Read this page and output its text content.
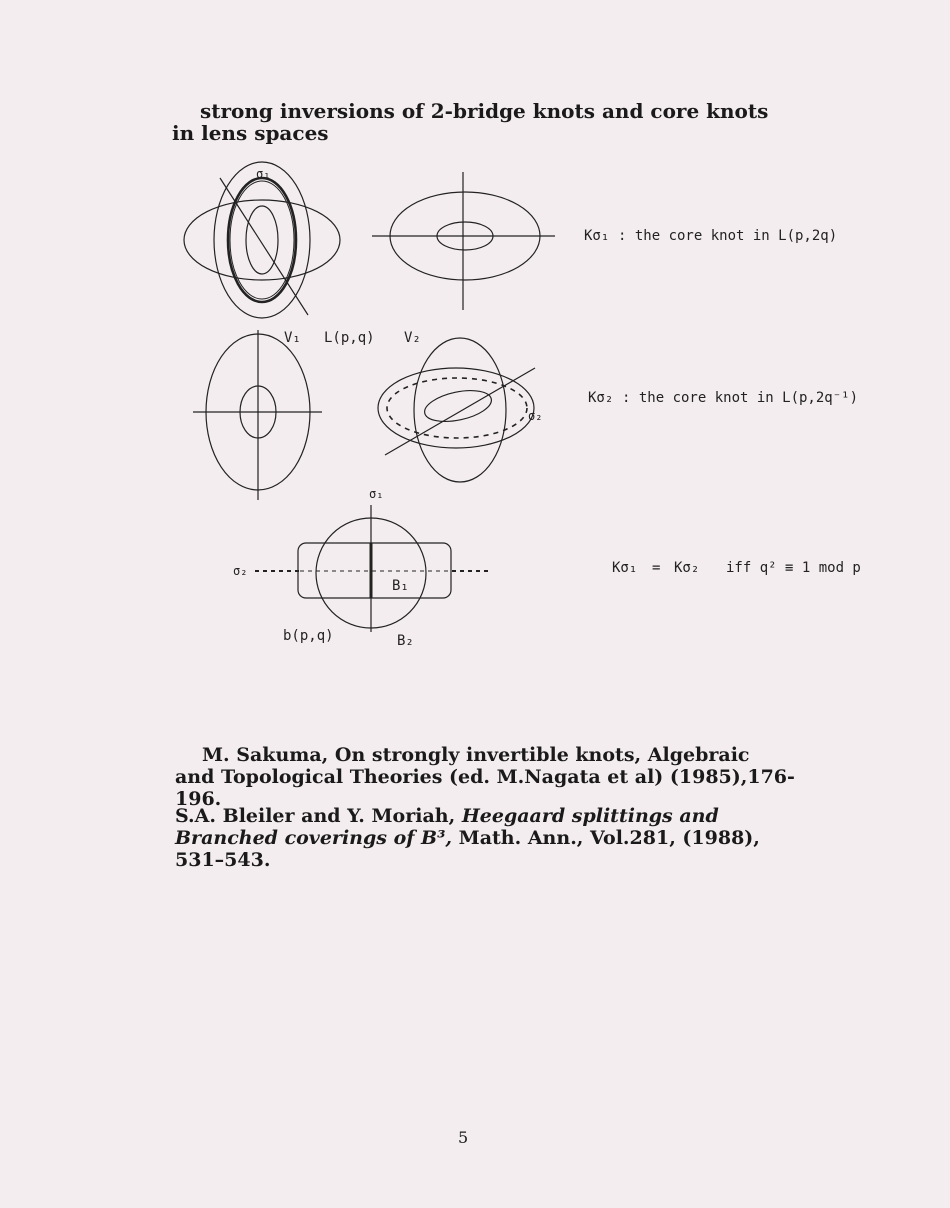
strong inversions of 2-bridge knots and core knots in lens spaces
σ₁
V₁ L(p,q) V₂
σ₂
σ₁
σ₂
B₁
B₂
b(p,q)
Kσ₁ : the core knot in L(p,2q)
Kσ₂ : the core knot in L(p,2q⁻¹)
Kσ₁ = Kσ₂ iff q² ≡ 1 mod p
M. Sakuma, On strongly invertible knots, Algebraic and Topological Theories (ed. M.Nagata et al) (1985),176-196.
S.A. Bleiler and Y. Moriah, Heegaard splittings and Branched coverings of B³, Math. Ann., Vol.281, (1988), 531–543.
5
